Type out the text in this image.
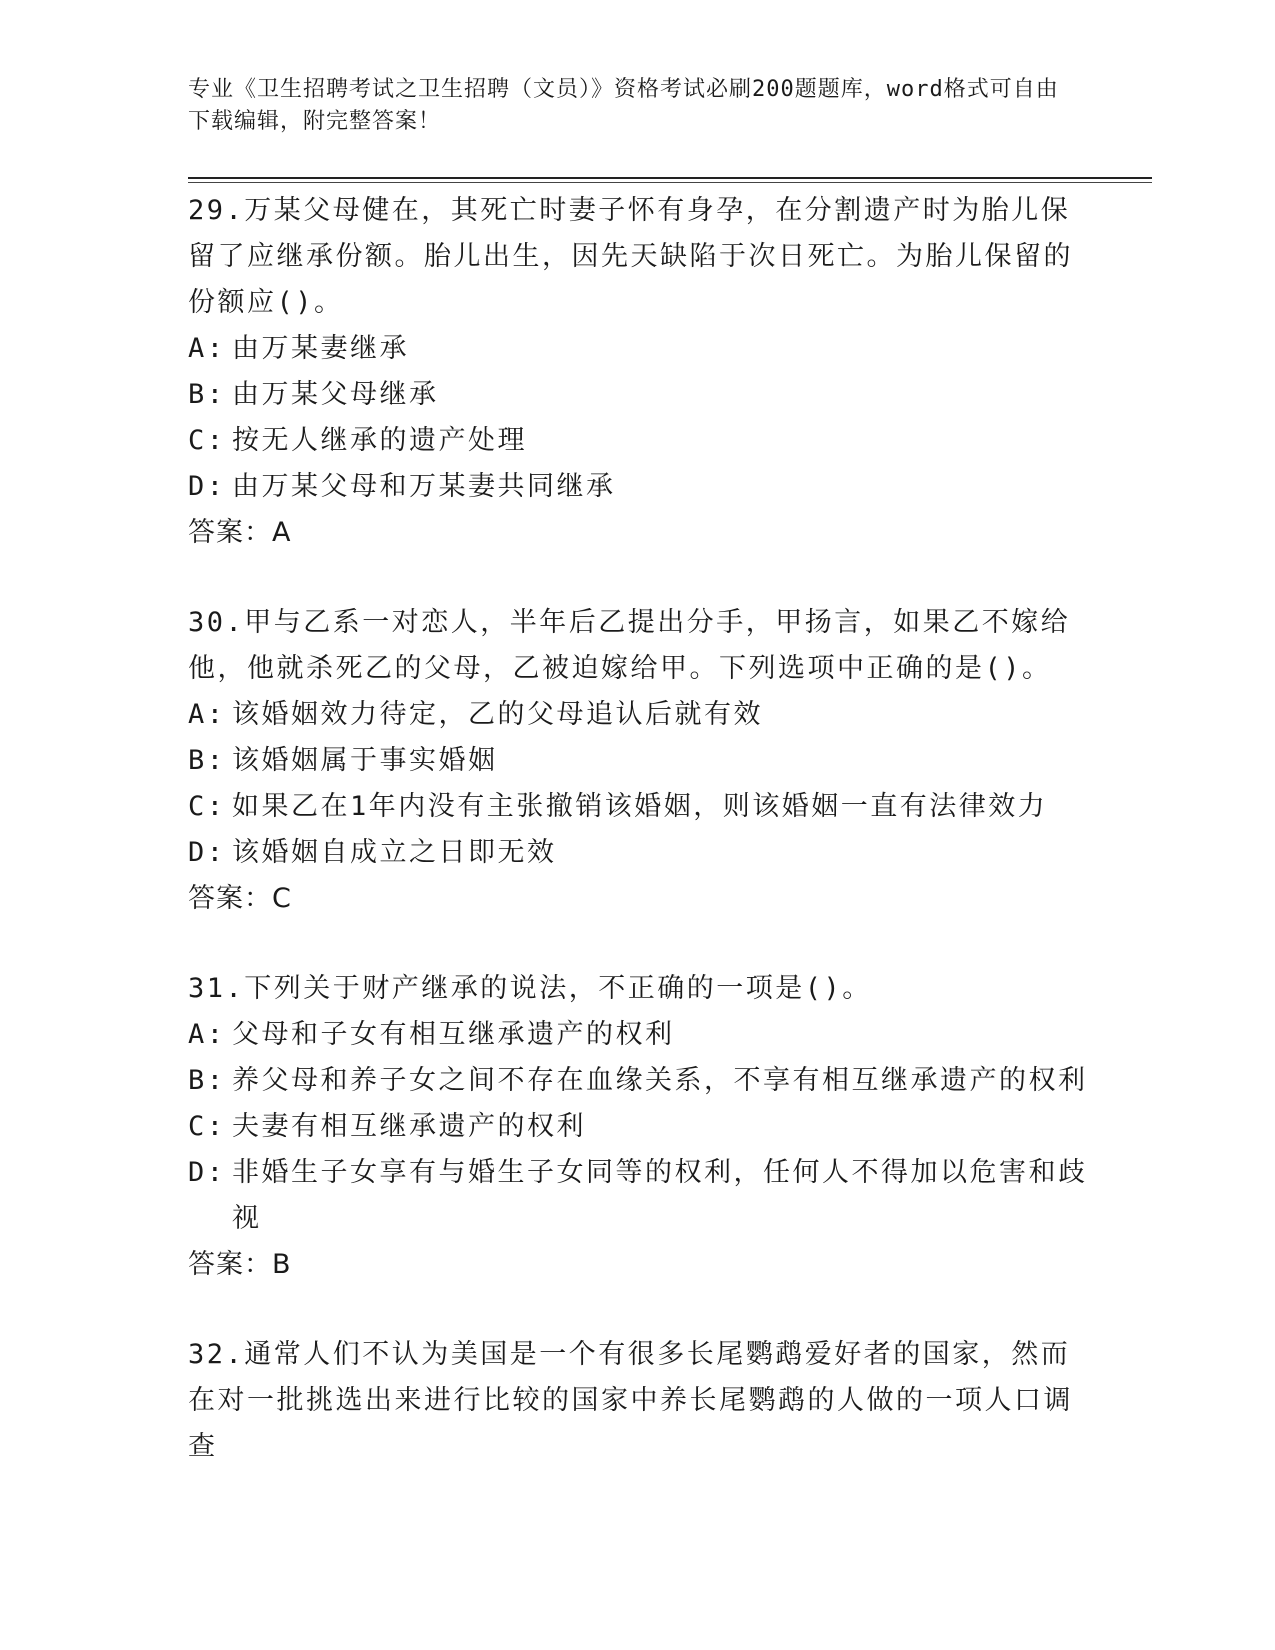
专业《卫生招聘考试之卫生招聘（文员）》资格考试必刷200题题库，word格式可自由下载编辑，附完整答案！

29.万某父母健在，其死亡时妻子怀有身孕，在分割遗产时为胎儿保留了应继承份额。胎儿出生，因先天缺陷于次日死亡。为胎儿保留的份额应()。

A: 由万某妻继承

B: 由万某父母继承

C: 按无人继承的遗产处理

D: 由万某父母和万某妻共同继承

答案：A

30.甲与乙系一对恋人，半年后乙提出分手，甲扬言，如果乙不嫁给他，他就杀死乙的父母，乙被迫嫁给甲。下列选项中正确的是()。

A: 该婚姻效力待定，乙的父母追认后就有效

B: 该婚姻属于事实婚姻

C: 如果乙在1年内没有主张撤销该婚姻，则该婚姻一直有法律效力

D: 该婚姻自成立之日即无效

答案：C

31.下列关于财产继承的说法，不正确的一项是()。

A: 父母和子女有相互继承遗产的权利

B: 养父母和养子女之间不存在血缘关系，不享有相互继承遗产的权利

C: 夫妻有相互继承遗产的权利

D: 非婚生子女享有与婚生子女同等的权利，任何人不得加以危害和歧视

答案：B

32.通常人们不认为美国是一个有很多长尾鹦鹉爱好者的国家，然而在对一批挑选出来进行比较的国家中养长尾鹦鹉的人做的一项人口调查
